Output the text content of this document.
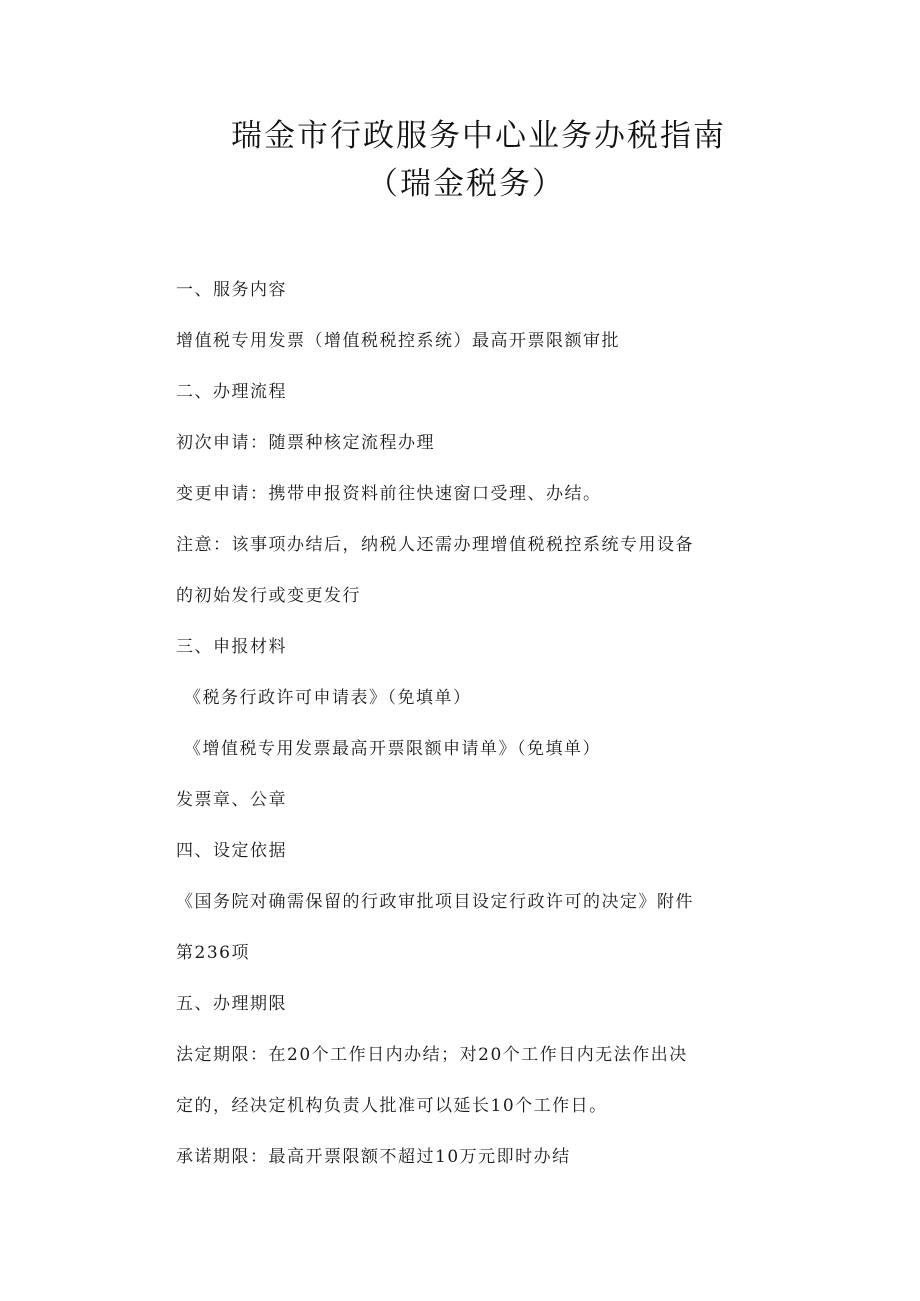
瑞金市行政服务中心业务办税指南
（瑞金税务）
一、服务内容
增值税专用发票（增值税税控系统）最高开票限额审批
二、办理流程
初次申请：随票种核定流程办理
变更申请：携带申报资料前往快速窗口受理、办结。
注意：该事项办结后，纳税人还需办理增值税税控系统专用设备
的初始发行或变更发行
三、申报材料
《税务行政许可申请表》（免填单）
《增值税专用发票最高开票限额申请单》（免填单）
发票章、公章
四、设定依据
《国务院对确需保留的行政审批项目设定行政许可的决定》附件
第236项
五、办理期限
法定期限：在20个工作日内办结；对20个工作日内无法作出决
定的，经决定机构负责人批准可以延长10个工作日。
承诺期限：最高开票限额不超过10万元即时办结
